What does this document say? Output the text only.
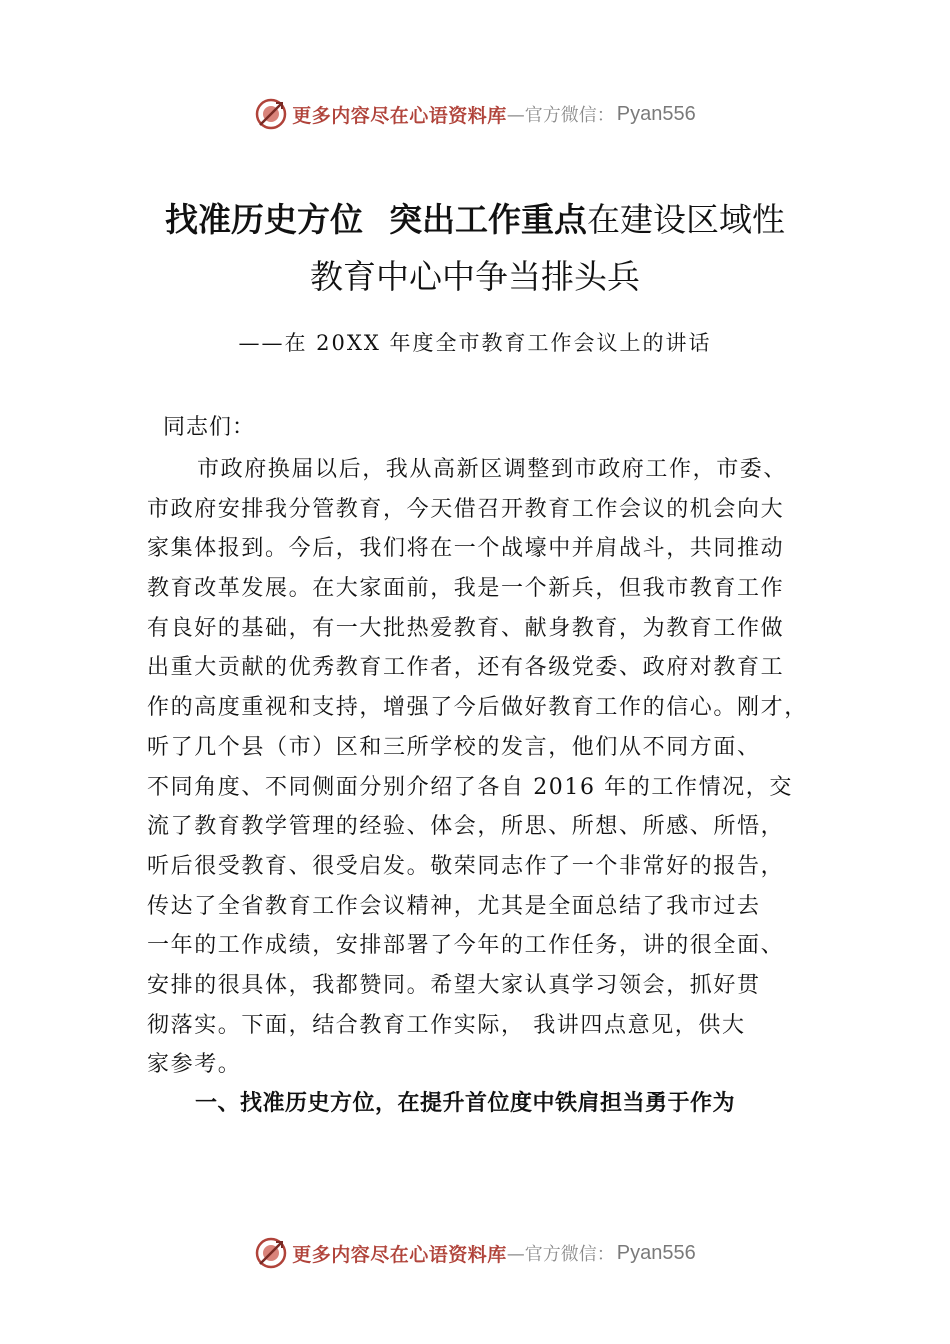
更多内容尽在心语资料库 —官方微信： Pyan556
找准历史方位 突出工作重点在建设区域性
教育中心中争当排头兵
——在 20XX 年度全市教育工作会议上的讲话
同志们：
市政府换届以后，我从高新区调整到市政府工作，市委、
市政府安排我分管教育，今天借召开教育工作会议的机会向大
家集体报到。今后，我们将在一个战壕中并肩战斗，共同推动
教育改革发展。在大家面前，我是一个新兵，但我市教育工作
有良好的基础，有一大批热爱教育、献身教育，为教育工作做
出重大贡献的优秀教育工作者，还有各级党委、政府对教育工
作的高度重视和支持，增强了今后做好教育工作的信心。刚才，
听了几个县（市）区和三所学校的发言，他们从不同方面、
不同角度、不同侧面分别介绍了各自 2016 年的工作情况，交
流了教育教学管理的经验、体会，所思、所想、所感、所悟，
听后很受教育、很受启发。敬荣同志作了一个非常好的报告，
传达了全省教育工作会议精神，尤其是全面总结了我市过去
一年的工作成绩，安排部署了今年的工作任务，讲的很全面、
安排的很具体，我都赞同。希望大家认真学习领会，抓好贯
彻落实。下面，结合教育工作实际， 我讲四点意见，供大
家参考。
一、找准历史方位，在提升首位度中铁肩担当勇于作为
更多内容尽在心语资料库 —官方微信： Pyan556
